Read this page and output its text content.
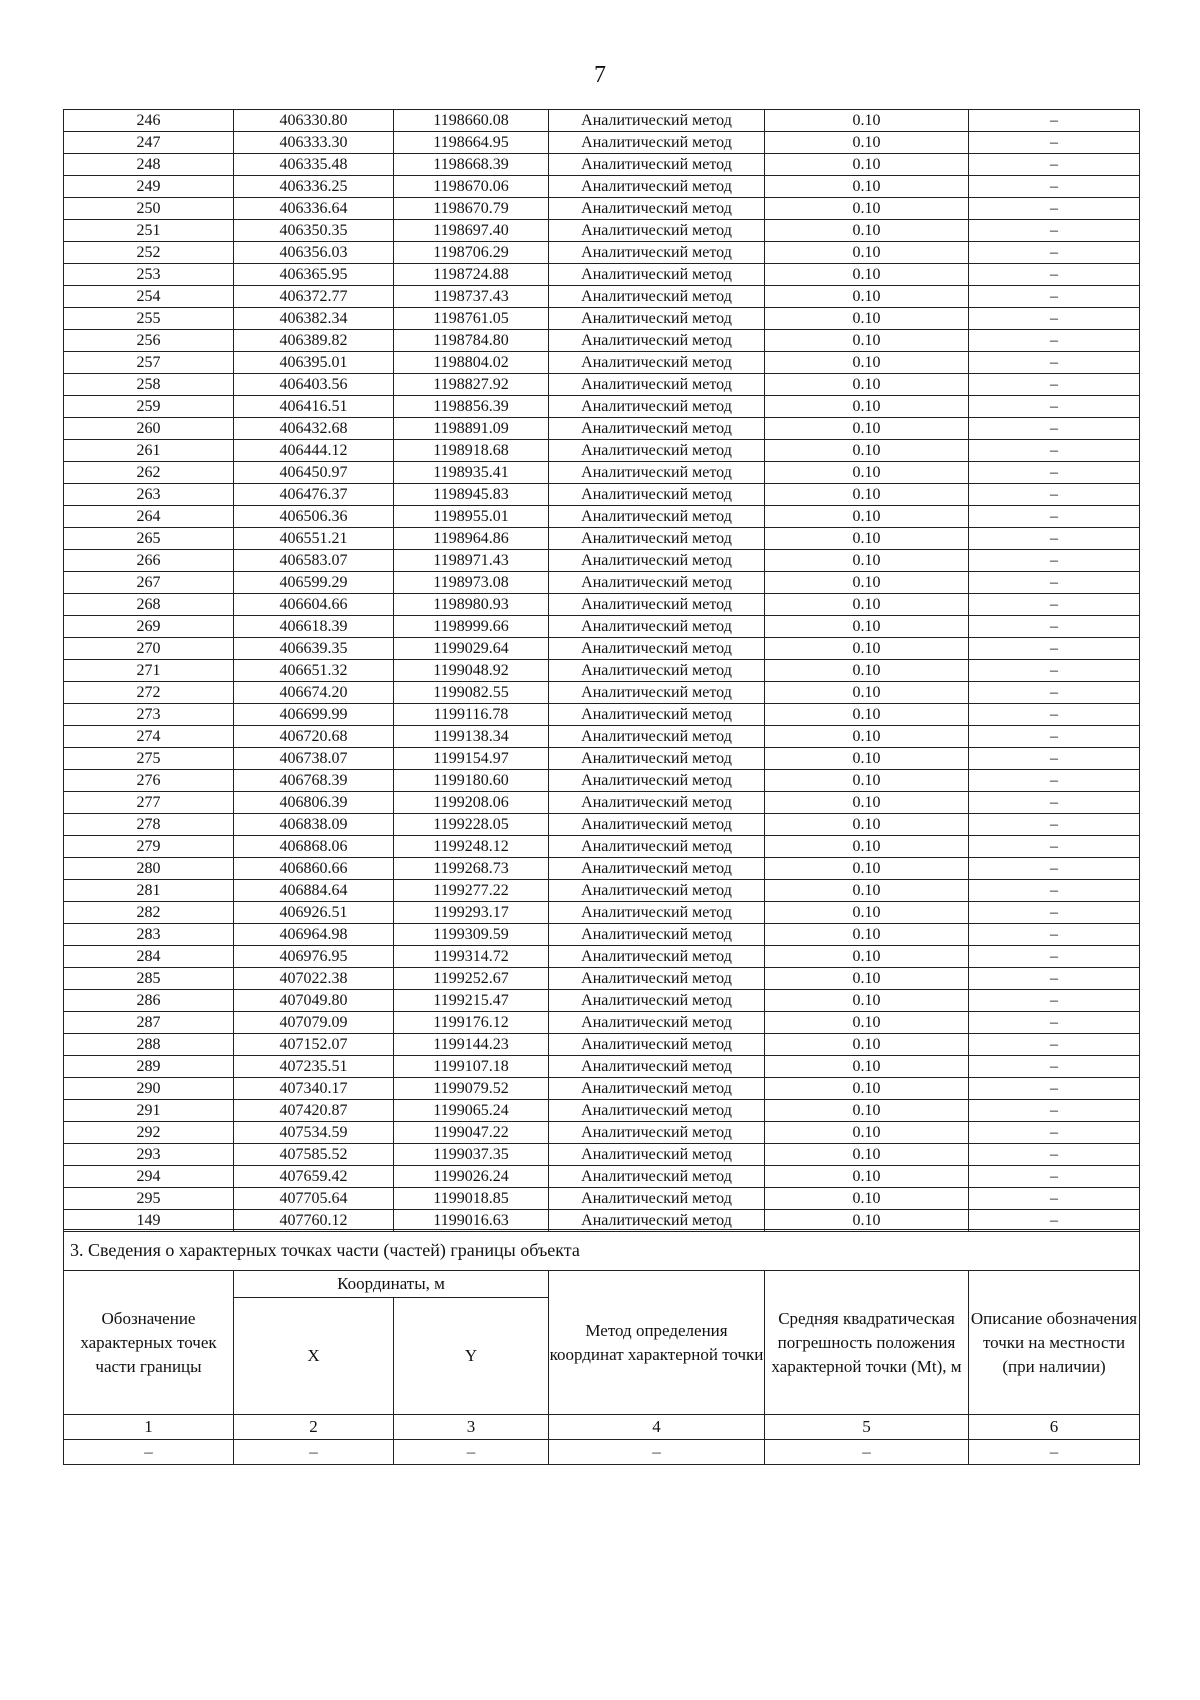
7
246	406330.80	1198660.08	Аналитический метод	0.10	–
247	406333.30	1198664.95	Аналитический метод	0.10	–
248	406335.48	1198668.39	Аналитический метод	0.10	–
249	406336.25	1198670.06	Аналитический метод	0.10	–
250	406336.64	1198670.79	Аналитический метод	0.10	–
251	406350.35	1198697.40	Аналитический метод	0.10	–
252	406356.03	1198706.29	Аналитический метод	0.10	–
253	406365.95	1198724.88	Аналитический метод	0.10	–
254	406372.77	1198737.43	Аналитический метод	0.10	–
255	406382.34	1198761.05	Аналитический метод	0.10	–
256	406389.82	1198784.80	Аналитический метод	0.10	–
257	406395.01	1198804.02	Аналитический метод	0.10	–
258	406403.56	1198827.92	Аналитический метод	0.10	–
259	406416.51	1198856.39	Аналитический метод	0.10	–
260	406432.68	1198891.09	Аналитический метод	0.10	–
261	406444.12	1198918.68	Аналитический метод	0.10	–
262	406450.97	1198935.41	Аналитический метод	0.10	–
263	406476.37	1198945.83	Аналитический метод	0.10	–
264	406506.36	1198955.01	Аналитический метод	0.10	–
265	406551.21	1198964.86	Аналитический метод	0.10	–
266	406583.07	1198971.43	Аналитический метод	0.10	–
267	406599.29	1198973.08	Аналитический метод	0.10	–
268	406604.66	1198980.93	Аналитический метод	0.10	–
269	406618.39	1198999.66	Аналитический метод	0.10	–
270	406639.35	1199029.64	Аналитический метод	0.10	–
271	406651.32	1199048.92	Аналитический метод	0.10	–
272	406674.20	1199082.55	Аналитический метод	0.10	–
273	406699.99	1199116.78	Аналитический метод	0.10	–
274	406720.68	1199138.34	Аналитический метод	0.10	–
275	406738.07	1199154.97	Аналитический метод	0.10	–
276	406768.39	1199180.60	Аналитический метод	0.10	–
277	406806.39	1199208.06	Аналитический метод	0.10	–
278	406838.09	1199228.05	Аналитический метод	0.10	–
279	406868.06	1199248.12	Аналитический метод	0.10	–
280	406860.66	1199268.73	Аналитический метод	0.10	–
281	406884.64	1199277.22	Аналитический метод	0.10	–
282	406926.51	1199293.17	Аналитический метод	0.10	–
283	406964.98	1199309.59	Аналитический метод	0.10	–
284	406976.95	1199314.72	Аналитический метод	0.10	–
285	407022.38	1199252.67	Аналитический метод	0.10	–
286	407049.80	1199215.47	Аналитический метод	0.10	–
287	407079.09	1199176.12	Аналитический метод	0.10	–
288	407152.07	1199144.23	Аналитический метод	0.10	–
289	407235.51	1199107.18	Аналитический метод	0.10	–
290	407340.17	1199079.52	Аналитический метод	0.10	–
291	407420.87	1199065.24	Аналитический метод	0.10	–
292	407534.59	1199047.22	Аналитический метод	0.10	–
293	407585.52	1199037.35	Аналитический метод	0.10	–
294	407659.42	1199026.24	Аналитический метод	0.10	–
295	407705.64	1199018.85	Аналитический метод	0.10	–
149	407760.12	1199016.63	Аналитический метод	0.10	–
3. Сведения о характерных точках части (частей) границы объекта					
Обозначение характерных точек части границы	Координаты, м		Метод определения координат характерной точки	Средняя квадратическая погрешность положения характерной точки (Mt), м	Описание обозначения точки на местности (при наличии)
	X	Y			
1	2	3	4	5	6
–	–	–	–	–	–
